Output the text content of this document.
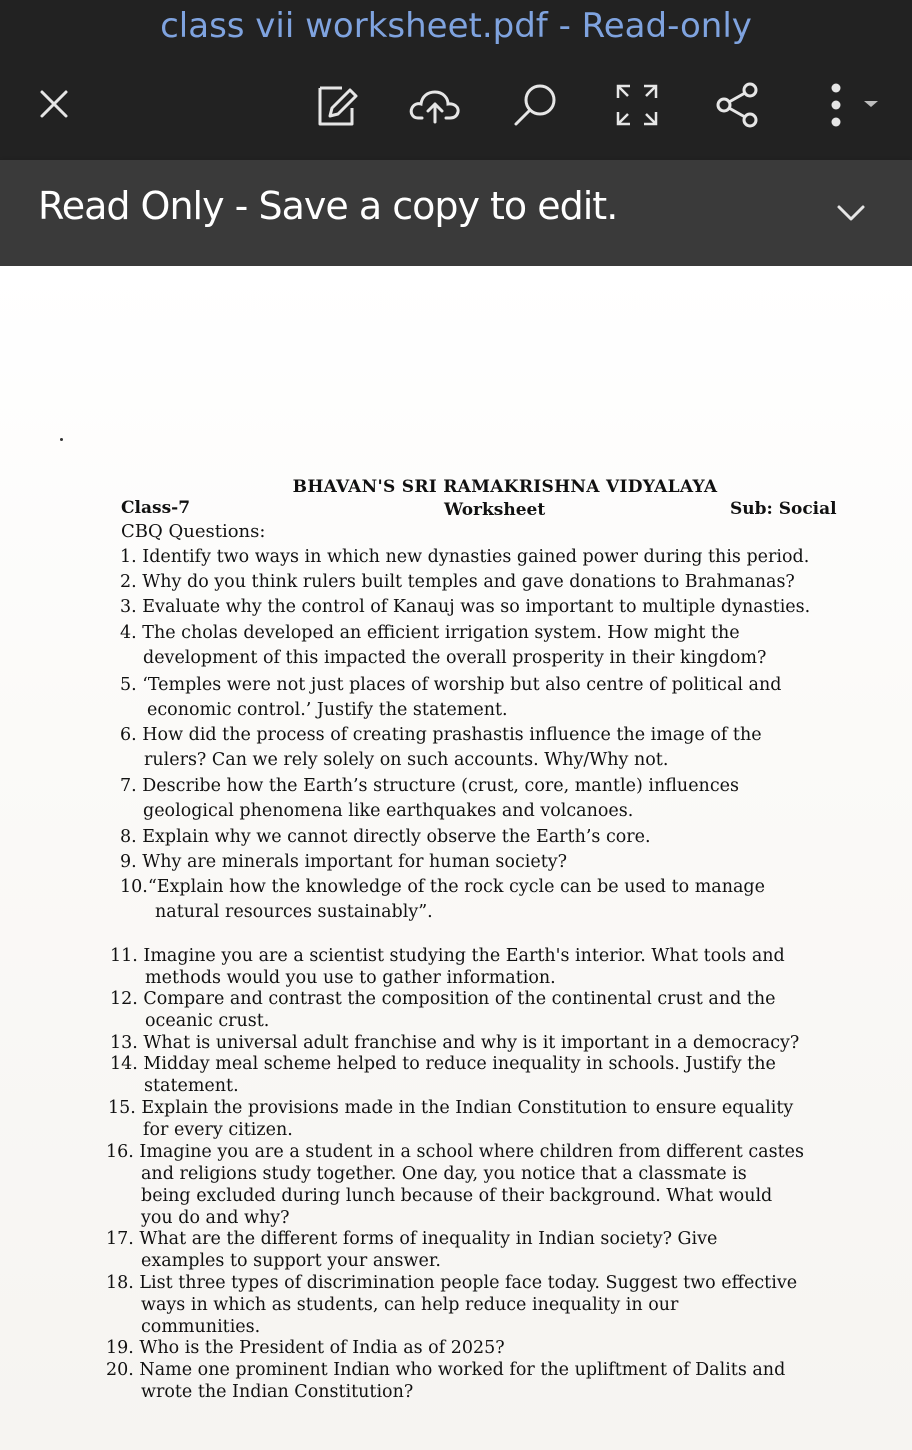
class vii worksheet.pdf - Read-only
Read Only - Save a copy to edit.
BHAVAN'S SRI RAMAKRISHNA VIDYALAYA
Class-7	Worksheet	Sub: Social
CBQ Questions:
1. Identify two ways in which new dynasties gained power during this period.
2. Why do you think rulers built temples and gave donations to Brahmanas?
3. Evaluate why the control of Kanauj was so important to multiple dynasties.
4. The cholas developed an efficient irrigation system. How might the
development of this impacted the overall prosperity in their kingdom?
5. ‘Temples were not just places of worship but also centre of political and
economic control.’ Justify the statement.
6. How did the process of creating prashastis influence the image of the
rulers? Can we rely solely on such accounts. Why/Why not.
7. Describe how the Earth’s structure (crust, core, mantle) influences
geological phenomena like earthquakes and volcanoes.
8. Explain why we cannot directly observe the Earth’s core.
9. Why are minerals important for human society?
10.“Explain how the knowledge of the rock cycle can be used to manage
natural resources sustainably”.
11. Imagine you are a scientist studying the Earth's interior. What tools and
methods would you use to gather information.
12. Compare and contrast the composition of the continental crust and the
oceanic crust.
13. What is universal adult franchise and why is it important in a democracy?
14. Midday meal scheme helped to reduce inequality in schools. Justify the
statement.
15. Explain the provisions made in the Indian Constitution to ensure equality
for every citizen.
16. Imagine you are a student in a school where children from different castes
and religions study together. One day, you notice that a classmate is
being excluded during lunch because of their background. What would
you do and why?
17. What are the different forms of inequality in Indian society? Give
examples to support your answer.
18. List three types of discrimination people face today. Suggest two effective
ways in which as students, can help reduce inequality in our
communities.
19. Who is the President of India as of 2025?
20. Name one prominent Indian who worked for the upliftment of Dalits and
wrote the Indian Constitution?
